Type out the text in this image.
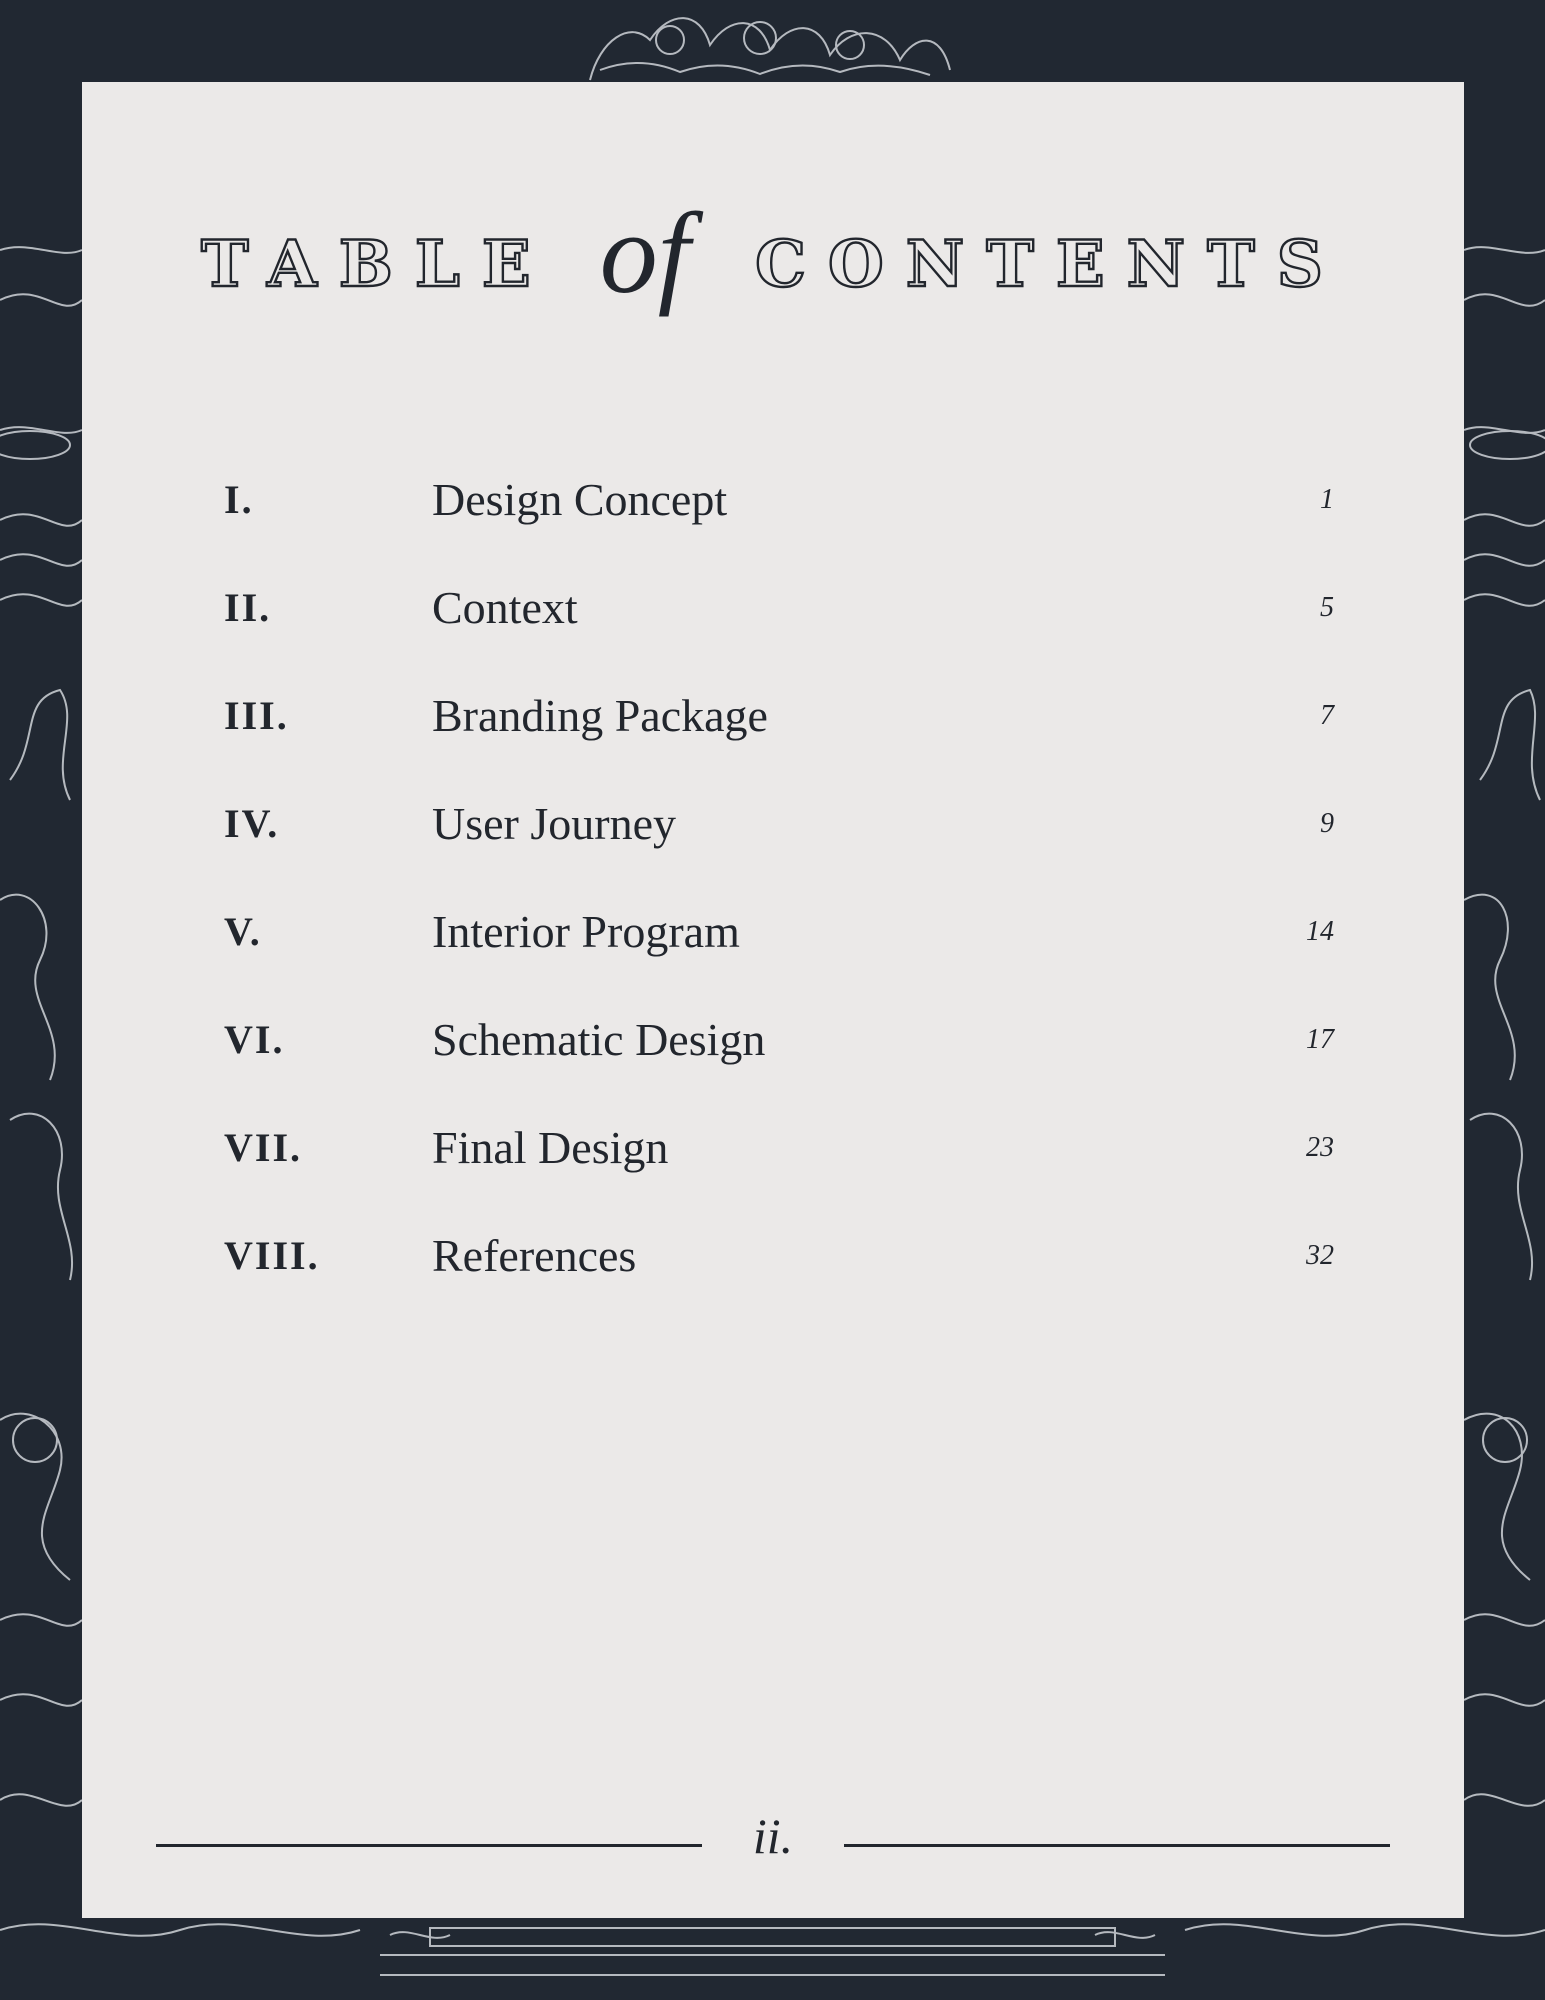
TABLE of CONTENTS
I.	Design Concept	1
II.	Context	5
III.	Branding Package	7
IV.	User Journey	9
V.	Interior Program	14
VI.	Schematic Design	17
VII.	Final Design	23
VIII. References	32
ii.
